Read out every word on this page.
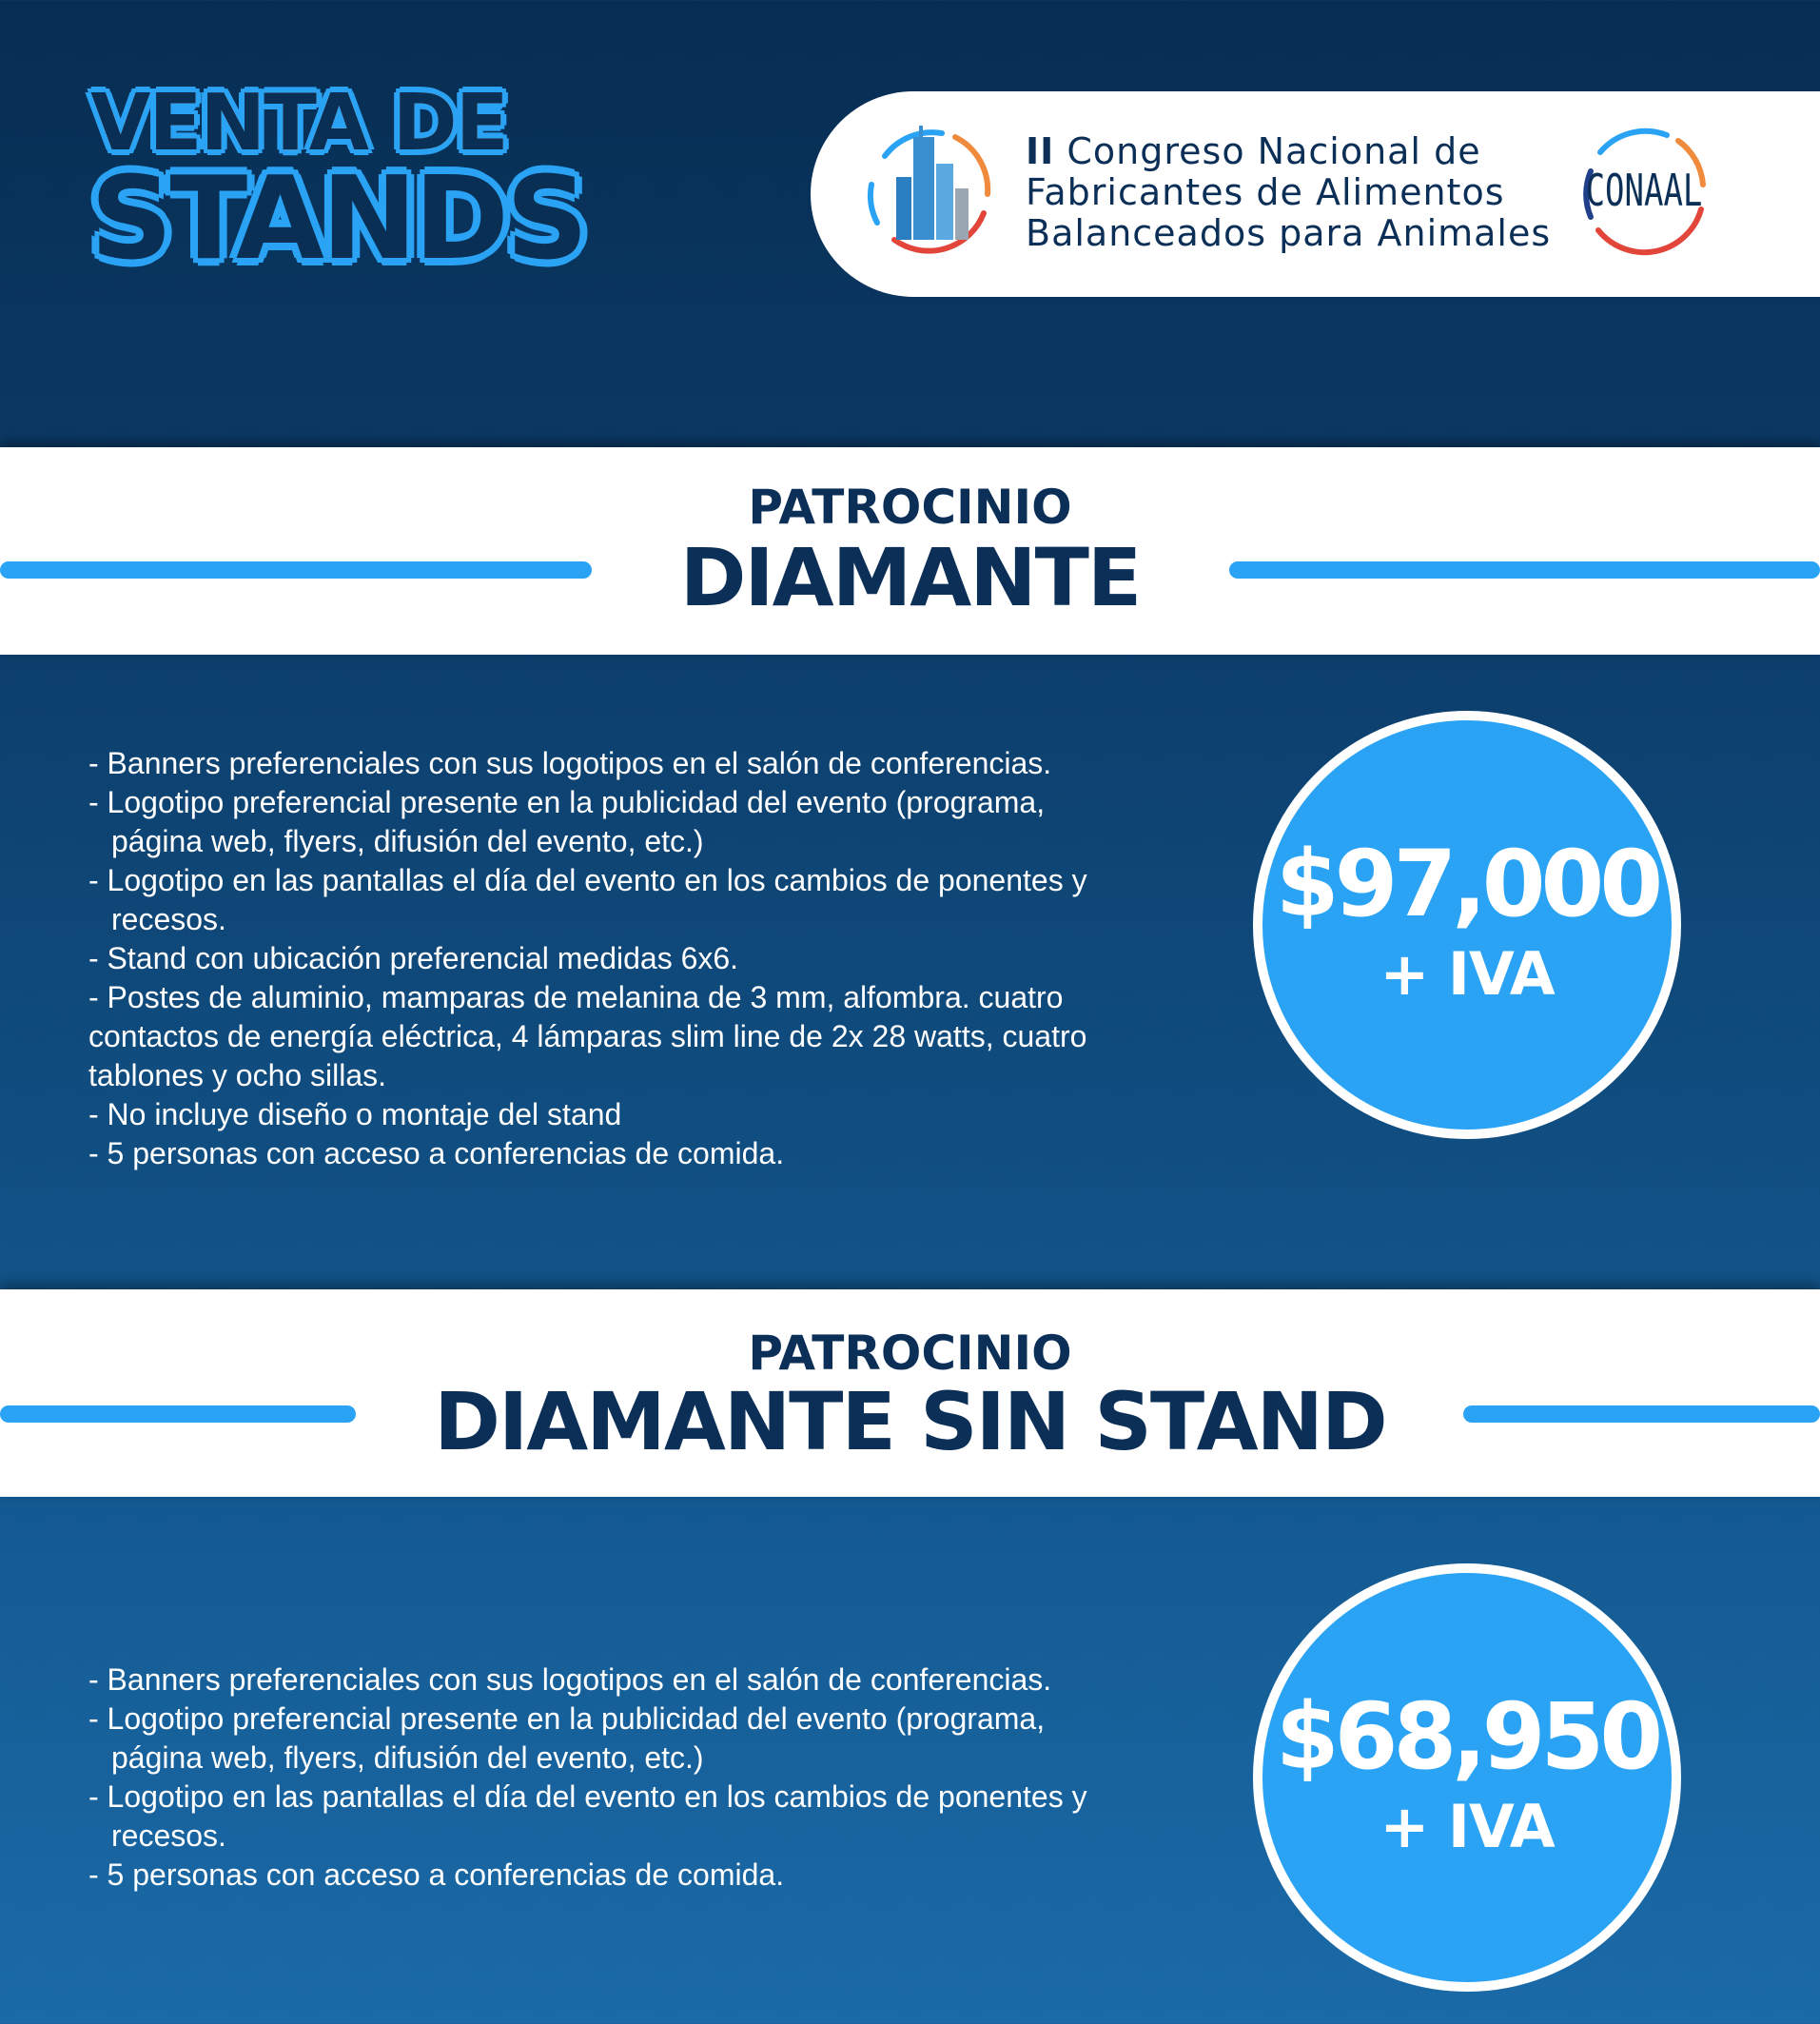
VENTA DE
STANDS
II Congreso Nacional de
Fabricantes de Alimentos
Balanceados para Animales
CONAAL
PATROCINIO
DIAMANTE

- Banners preferenciales con sus logotipos en el salón de conferencias.

- Logotipo preferencial presente en la publicidad del evento (programa,

página web, flyers, difusión del evento, etc.)

- Logotipo en las pantallas el día del evento en los cambios de ponentes y

recesos.

- Stand con ubicación preferencial medidas 6x6.

- Postes de aluminio, mamparas de melanina de 3 mm, alfombra. cuatro

contactos de energía eléctrica, 4 lámparas slim line de 2x 28 watts, cuatro

tablones y ocho sillas.

- No incluye diseño o montaje del stand

- 5 personas con acceso a conferencias de comida.

$97,000
+ IVA
PATROCINIO
DIAMANTE SIN STAND

- Banners preferenciales con sus logotipos en el salón de conferencias.

- Logotipo preferencial presente en la publicidad del evento (programa,

página web, flyers, difusión del evento, etc.)

- Logotipo en las pantallas el día del evento en los cambios de ponentes y

recesos.

- 5 personas con acceso a conferencias de comida.

$68,950
+ IVA
